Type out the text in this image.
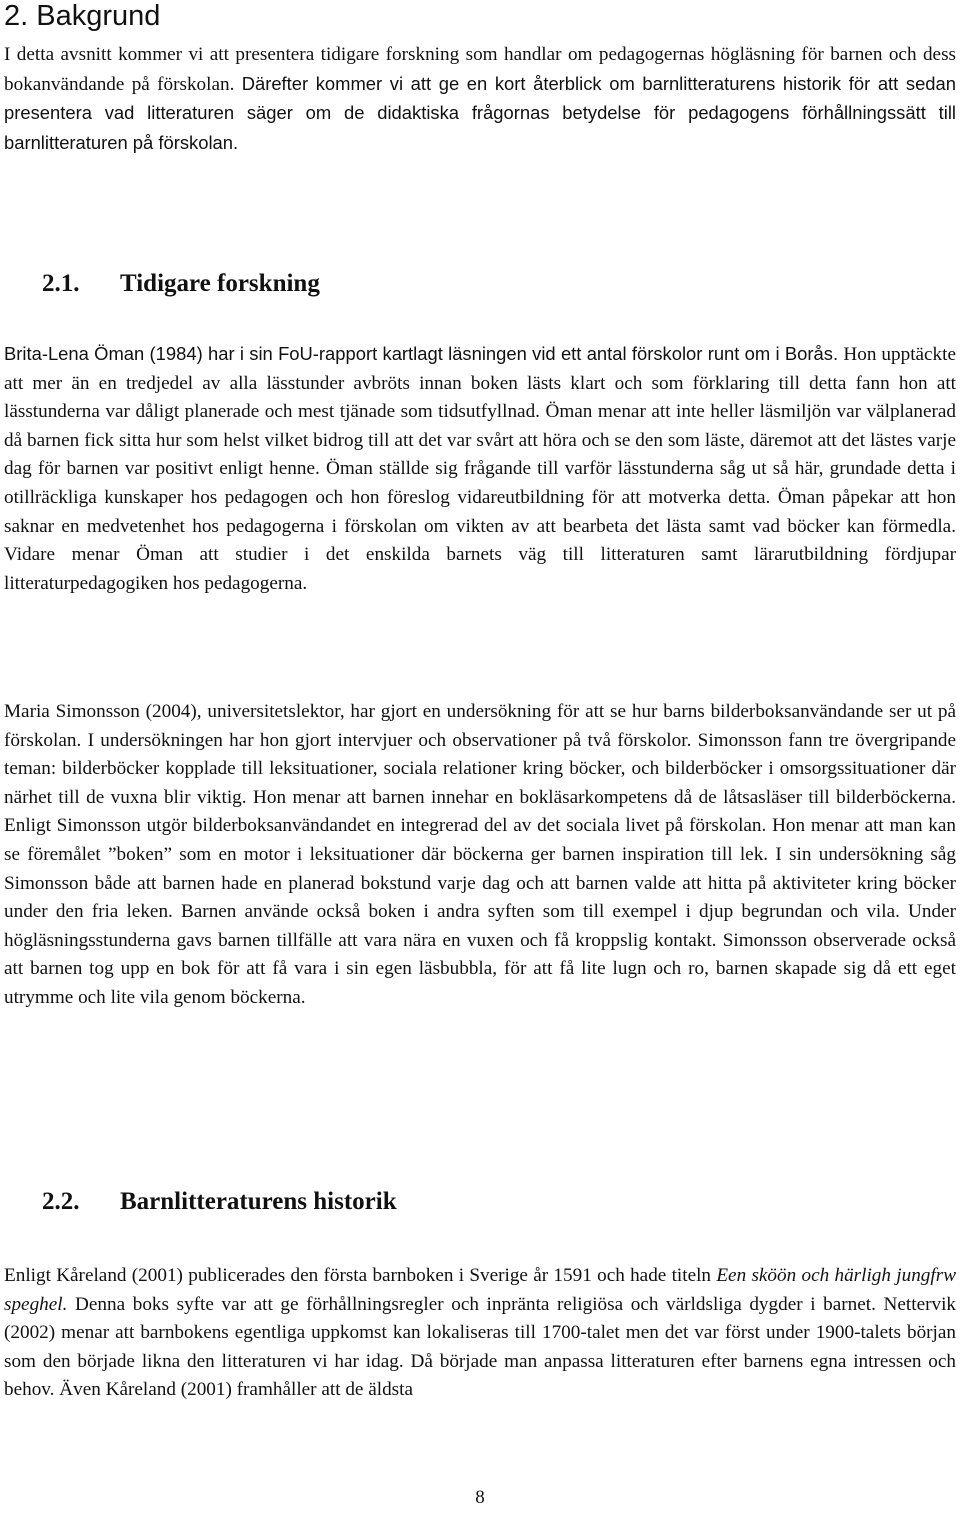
2. Bakgrund

I detta avsnitt kommer vi att presentera tidigare forskning som handlar om pedagogernas högläsning för barnen och dess bokanvändande på förskolan. Därefter kommer vi att ge en kort återblick om barnlitteraturens historik för att sedan presentera vad litteraturen säger om de didaktiska frågornas betydelse för pedagogens förhållningssätt till barnlitteraturen på förskolan.

2.1. Tidigare forskning

Brita-Lena Öman (1984) har i sin FoU-rapport kartlagt läsningen vid ett antal förskolor runt om i Borås. Hon upptäckte att mer än en tredjedel av alla lässtunder avbröts innan boken lästs klart och som förklaring till detta fann hon att lässtunderna var dåligt planerade och mest tjänade som tidsutfyllnad. Öman menar att inte heller läsmiljön var välplanerad då barnen fick sitta hur som helst vilket bidrog till att det var svårt att höra och se den som läste, däremot att det lästes varje dag för barnen var positivt enligt henne. Öman ställde sig frågande till varför lässtunderna såg ut så här, grundade detta i otillräckliga kunskaper hos pedagogen och hon föreslog vidareutbildning för att motverka detta. Öman påpekar att hon saknar en medvetenhet hos pedagogerna i förskolan om vikten av att bearbeta det lästa samt vad böcker kan förmedla. Vidare menar Öman att studier i det enskilda barnets väg till litteraturen samt lärarutbildning fördjupar litteraturpedagogiken hos pedagogerna.

Maria Simonsson (2004), universitetslektor, har gjort en undersökning för att se hur barns bilderboksanvändande ser ut på förskolan. I undersökningen har hon gjort intervjuer och observationer på två förskolor. Simonsson fann tre övergripande teman: bilderböcker kopplade till leksituationer, sociala relationer kring böcker, och bilderböcker i omsorgssituationer där närhet till de vuxna blir viktig. Hon menar att barnen innehar en bokläsarkompetens då de låtsasläser till bilderböckerna. Enligt Simonsson utgör bilderboksanvändandet en integrerad del av det sociala livet på förskolan. Hon menar att man kan se föremålet ”boken” som en motor i leksituationer där böckerna ger barnen inspiration till lek. I sin undersökning såg Simonsson både att barnen hade en planerad bokstund varje dag och att barnen valde att hitta på aktiviteter kring böcker under den fria leken. Barnen använde också boken i andra syften som till exempel i djup begrundan och vila. Under högläsningsstunderna gavs barnen tillfälle att vara nära en vuxen och få kroppslig kontakt. Simonsson observerade också att barnen tog upp en bok för att få vara i sin egen läsbubbla, för att få lite lugn och ro, barnen skapade sig då ett eget utrymme och lite vila genom böckerna.

2.2. Barnlitteraturens historik

Enligt Kåreland (2001) publicerades den första barnboken i Sverige år 1591 och hade titeln Een sköön och härligh jungfrw speghel. Denna boks syfte var att ge förhållningsregler och inpränta religiösa och världsliga dygder i barnet. Nettervik (2002) menar att barnbokens egentliga uppkomst kan lokaliseras till 1700-talet men det var först under 1900-talets början som den började likna den litteraturen vi har idag. Då började man anpassa litteraturen efter barnens egna intressen och behov. Även Kåreland (2001) framhåller att de äldsta

8
